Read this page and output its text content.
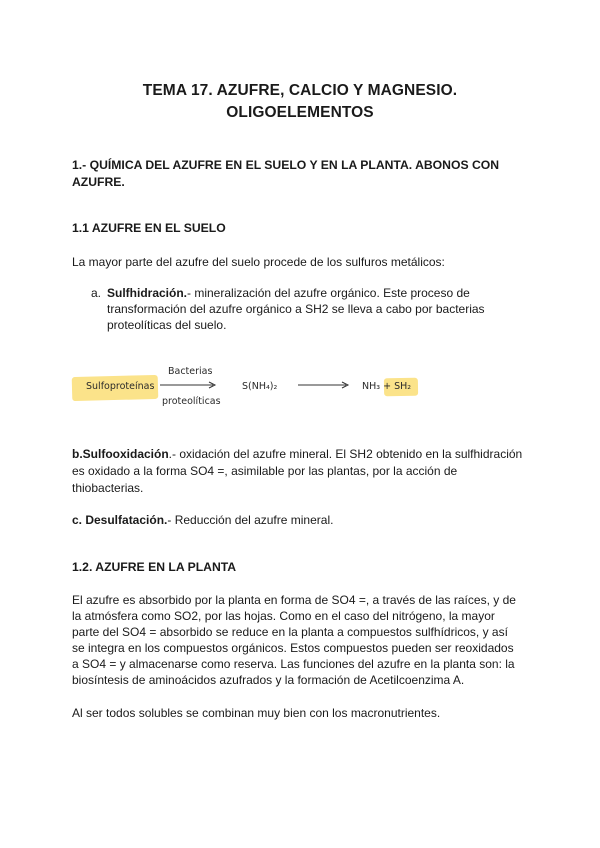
TEMA 17. AZUFRE, CALCIO Y MAGNESIO.
OLIGOELEMENTOS
1.- QUÍMICA DEL AZUFRE EN EL SUELO Y EN LA PLANTA. ABONOS CON
AZUFRE.
1.1 AZUFRE EN EL SUELO
La mayor parte del azufre del suelo procede de los sulfuros metálicos:
a. Sulfhidración.- mineralización del azufre orgánico. Este proceso de
transformación del azufre orgánico a SH2 se lleva a cabo por bacterias
proteolíticas del suelo.
Sulfoproteínas
Bacterias
proteolíticas
S(NH₄)₂	NH₃ + SH₂
b.Sulfooxidación.- oxidación del azufre mineral. El SH2 obtenido en la sulfhidración
es oxidado a la forma SO4 =, asimilable por las plantas, por la acción de
thiobacterias.
c. Desulfatación.- Reducción del azufre mineral.
1.2. AZUFRE EN LA PLANTA
El azufre es absorbido por la planta en forma de SO4 =, a través de las raíces, y de
la atmósfera como SO2, por las hojas. Como en el caso del nitrógeno, la mayor
parte del SO4 = absorbido se reduce en la planta a compuestos sulfhídricos, y así
se integra en los compuestos orgánicos. Estos compuestos pueden ser reoxidados
a SO4 = y almacenarse como reserva. Las funciones del azufre en la planta son: la
biosíntesis de aminoácidos azufrados y la formación de Acetilcoenzima A.
Al ser todos solubles se combinan muy bien con los macronutrientes.
